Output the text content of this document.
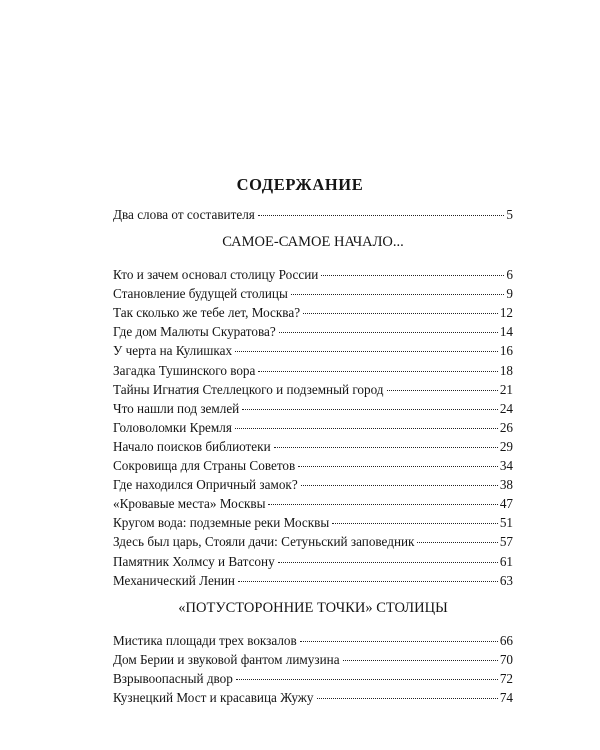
СОДЕРЖАНИЕ
Два слова от составителя	5
САМОЕ-САМОЕ НАЧАЛО...
Кто и зачем основал столицу России	6
Становление будущей столицы	9
Так сколько же тебе лет, Москва?	12
Где дом Малюты Скуратова?	14
У черта на Кулишках	16
Загадка Тушинского вора	18
Тайны Игнатия Стеллецкого и подземный город	21
Что нашли под землей	24
Головоломки Кремля	26
Начало поисков библиотеки	29
Сокровища для Страны Советов	34
Где находился Опричный замок?	38
«Кровавые места» Москвы	47
Кругом вода: подземные реки Москвы	51
Здесь был царь, Стояли дачи: Сетуньский заповедник	57
Памятник Холмсу и Ватсону	61
Механический Ленин	63
«ПОТУСТОРОННИЕ ТОЧКИ» СТОЛИЦЫ
Мистика площади трех вокзалов	66
Дом Берии и звуковой фантом лимузина	70
Взрывоопасный двор	72
Кузнецкий Мост и красавица Жужу	74
